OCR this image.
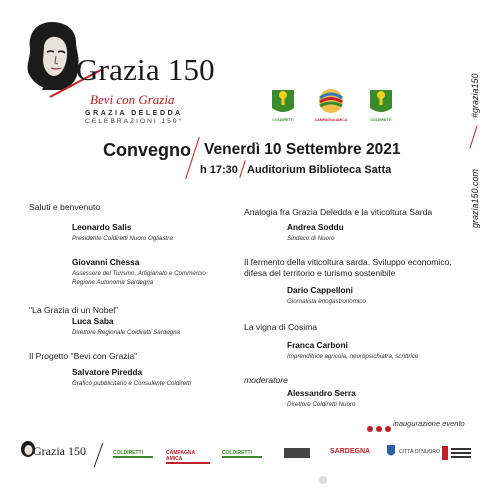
Grazia 150
Bevi con Grazia
GRAZIA DELEDDA
CELEBRAZIONI 150°	COLDIRETTI	CAMPAGNA AMICA	COLDIRETTI
#grazia150
grazia150.com
Convegno Venerdì 10 Settembre 2021
h 17:30 Auditorium Biblioteca Satta
Saluti e benvenuto
Leonardo Salis
Presidente Coldiretti Nuoro Ogliastra
Giovanni Chessa
Assessore del Turismo, Artigianato e Commercio
Regione Autonoma Sardegna
"La Grazia di un Nobel"
Luca Saba
Direttore Regionale Coldiretti Sardegna
Il Progetto "Bevi con Grazia"
Salvatore Piredda
Grafico pubblicitario e Consulente Coldiretti
Analogia fra Grazia Deledda e la viticoltura Sarda
Andrea Soddu
Sindaco di Nuoro
Il fermento della viticoltura sarda. Sviluppo economico,
difesa del territorio e turismo sostenibile
Dario Cappelloni
Giornalista enogastronomico
La vigna di Cosima
Franca Carboni
Imprenditrice agricola, neuropsichiatra, scrittrice
moderatore
Alessandro Serra
Direttore Coldiretti Nuoro
inaugurazione evento
Grazia 150	COLDIRETTI	CAMPAGNA AMICA
COLDIRETTI	SARDEGNA	CITTÀ DI NUORO
